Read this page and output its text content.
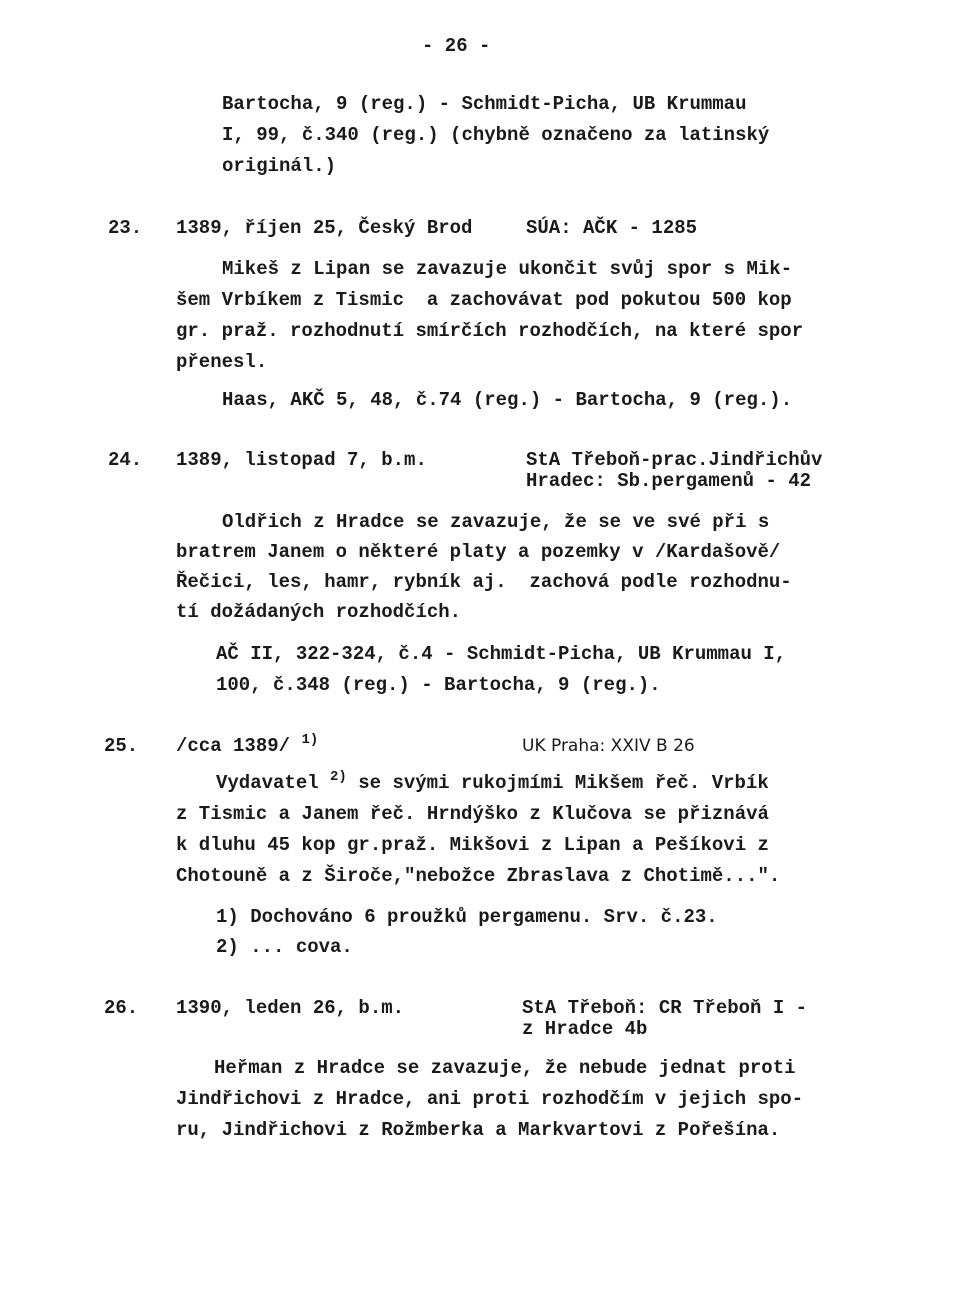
- 26 -
Bartocha, 9 (reg.) - Schmidt-Picha, UB Krummau
I, 99, č.340 (reg.) (chybně označeno za latinský
originál.)
23. 1389, říjen 25, Český Brod	SÚA: AČK - 1285
Mikeš z Lipan se zavazuje ukončit svůj spor s Mik-
šem Vrbíkem z Tismic  a zachovávat pod pokutou 500 kop
gr. praž. rozhodnutí smírčích rozhodčích, na které spor
přenesl.
Haas, AKČ 5, 48, č.74 (reg.) - Bartocha, 9 (reg.).
24. 1389, listopad 7, b.m.	StA Třeboň-prac.Jindřichův
Hradec: Sb.pergamenů - 42
Oldřich z Hradce se zavazuje, že se ve své při s
bratrem Janem o některé platy a pozemky v /Kardašově/
Řečici, les, hamr, rybník aj.  zachová podle rozhodnu-
tí dožádaných rozhodčích.
AČ II, 322-324, č.4 - Schmidt-Picha, UB Krummau I,
100, č.348 (reg.) - Bartocha, 9 (reg.).
25. /cca 1389/ $^{1)}$	UK Praha: XXIV B 26
Vydavatel $^{2)}$ se svými rukojmími Mikšem řeč. Vrbík
z Tismic a Janem řeč. Hrndýško z Klučova se přiznává
k dluhu 45 kop gr.praž. Mikšovi z Lipan a Pešíkovi z
Chotouně a z Široče,"nebožce Zbraslava z Chotimě...".
1) Dochováno 6 proužků pergamenu. Srv. č.23.
2) ... cova.
26. 1390, leden 26, b.m.	StA Třeboň: CR Třeboň I -
z Hradce 4b
Heřman z Hradce se zavazuje, že nebude jednat proti
Jindřichovi z Hradce, ani proti rozhodčím v jejich spo-
ru, Jindřichovi z Rožmberka a Markvartovi z Pořešína.
